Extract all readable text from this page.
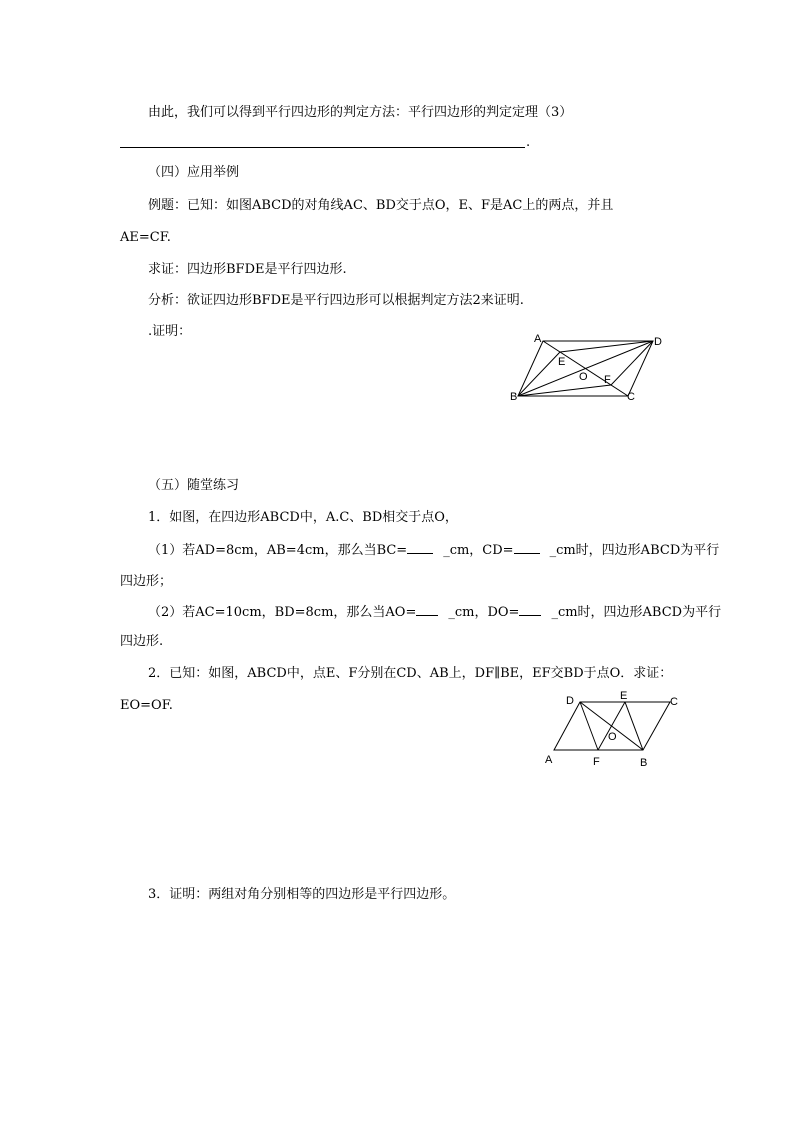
由此，我们可以得到平行四边形的判定方法：平行四边形的判定定理（3）
.
（四）应用举例
例题：已知：如图ABCD的对角线AC、BD交于点O，E、F是AC上的两点，并且
AE=CF.
求证：四边形BFDE是平行四边形.
分析：欲证四边形BFDE是平行四边形可以根据判定方法2来证明.
.证明：	A	D
E
O F
B	C
（五）随堂练习
1．如图，在四边形ABCD中，A.C、BD相交于点O，
（1）若AD=8cm，AB=4cm，那么当BC=	_cm，CD=	_cm时，四边形ABCD为平行
四边形；
（2）若AC=10cm，BD=8cm，那么当AO= _cm，DO= _cm时，四边形ABCD为平行
四边形.
2．已知：如图，ABCD中，点E、F分别在CD、AB上，DF∥BE，EF交BD于点O．求证：
EO=OF.	D	E	C
O
A	F	B
3．证明：两组对角分别相等的四边形是平行四边形。
